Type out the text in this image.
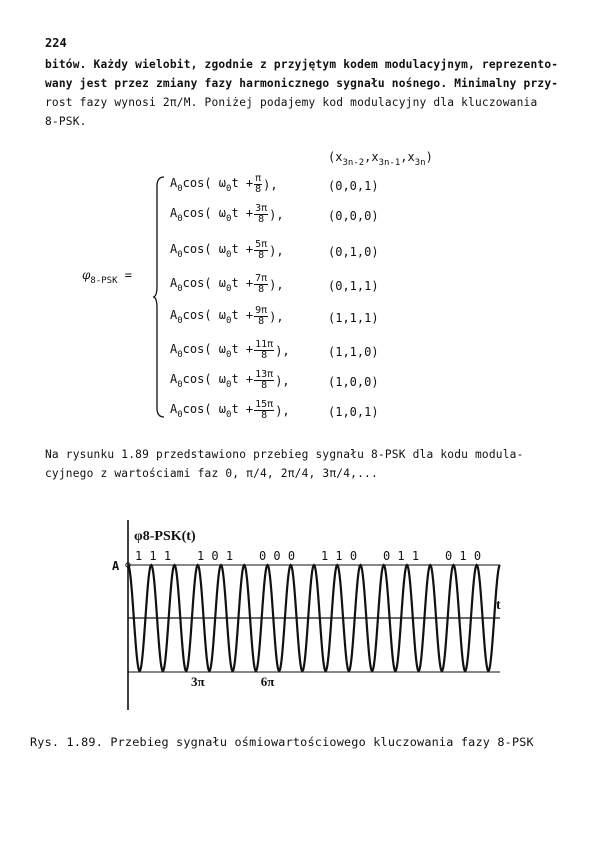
224
bitów. Każdy wielobit, zgodnie z przyjętym kodem modulacyjnym, reprezento-
wany jest przez zmiany fazy harmonicznego sygnału nośnego. Minimalny przy-
rost fazy wynosi 2π/M. Poniżej podajemy kod modulacyjny dla kluczowania
8-PSK.
$(x_{3n-2},x_{3n-1},x_{3n})$
$\varphi_{8-PSK}$ =
$A_0\cos$( $\omega_0t + \frac{\pi}{8}$ ),	(0,0,1)
$A_0\cos$( $\omega_0t + \frac{3\pi}{8}$ ),	(0,0,0)
$A_0\cos$( $\omega_0t + \frac{5\pi}{8}$ ),	(0,1,0)
$A_0\cos$( $\omega_0t + \frac{7\pi}{8}$ ),	(0,1,1)
$A_0\cos$( $\omega_0t + \frac{9\pi}{8}$ ),	(1,1,1)
$A_0\cos$( $\omega_0t + \frac{11\pi}{8}$ ),	(1,1,0)
$A_0\cos$( $\omega_0t + \frac{13\pi}{8}$ ),	(1,0,0)
$A_0\cos$( $\omega_0t + \frac{15\pi}{8}$ ),	(1,0,1)
Na rysunku 1.89 przedstawiono przebieg sygnału 8-PSK dla kodu modula-
cyjnego z wartościami faz 0, π/4, 2π/4, 3π/4,...
φ8-PSK(t)
A
t
1 1 1 1 0 1 0 0 0 1 1 0 0 1 1 0 1 0
3π	6π
Rys. 1.89. Przebieg sygnału ośmiowartościowego kluczowania fazy 8-PSK
